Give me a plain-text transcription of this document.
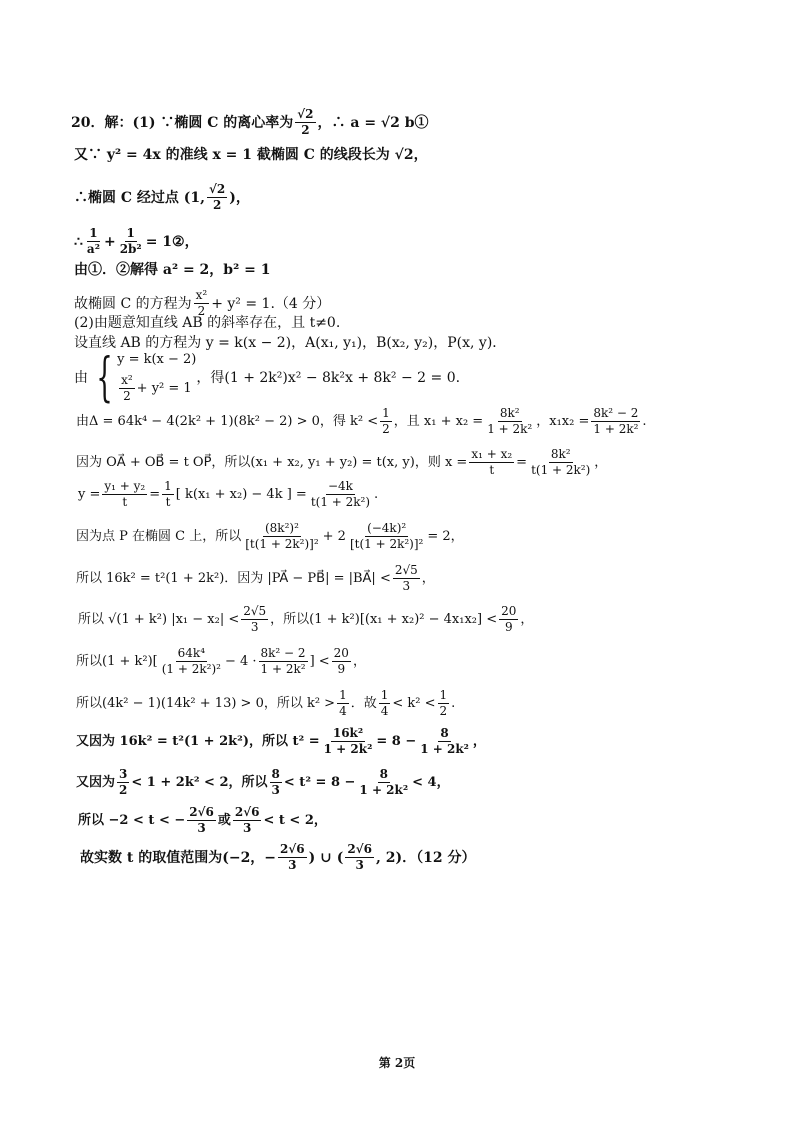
20．解：(1) ∵椭圆 C 的离心率为 $\frac{√2}{2}$ ，∴ a = √2 b①
又∵ y² = 4x 的准线 x = 1 截椭圆 C 的线段长为 √2，
∴椭圆 C 经过点 (1, $\frac{√2}{2}$ )，
∴ $\frac{1}{\text{a²}} + \frac{1}{\text{2b²}}$ = 1②，
由①．②解得 a² = 2，b² = 1
故椭圆 C 的方程为 $\frac{\text{x²}}{2} + y^2 = 1.(4$ 分）
(2)由题意知直线 AB 的斜率存在，且 t≠0.
设直线 AB 的方程为 y = k(x − 2)，A(x₁, y₁)，B(x₂, y₂)，P(x, y)．
由 { y = k(x − 2)
$\frac{\text{x²}}{2} + y^2 = 1$
，得(1 + 2k²)x² − 8k²x + 8k² − 2 = 0.
由Δ = 64k⁴ − 4(2k² + 1)(8k² − 2) > 0，得 $k^2 < \frac{1}{2}$ ，且 $x_1 + x_2 = \frac{\text{8k²}}{\text{1 + 2k²}}$ ，$x_1x_2 = \frac{\text{8k² − 2}}{\text{1 + 2k²}}$ .
因为 OA⃗ + OB⃗ = t OP⃗，所以(x₁ + x₂, y₁ + y₂) = t(x, y)，则 $x = \frac{\text{x₁ + x₂}}{t} = \frac{\text{8k²}}{\text{t(1 + 2k²)}}$ ，
$y = \frac{\text{y₁ + y₂}}{t} = \frac{1}{t}$ [ k(x₁ + x₂) − 4k ] = $\frac{-4k}{\text{t(1 + 2k²)}}$ .
因为点 P 在椭圆 C 上，所以 $\frac{\text{(8k²)²}}{\text{[t(1 + 2k²)]²}} + 2 \frac{\text{(−4k)²}}{\text{[t(1 + 2k²)]²}} = 2$，
所以 16k² = t²(1 + 2k²)．因为 |PA⃗ − PB⃗| = |BA⃗| < $\frac{2√5}{3}$ ，
所以 √(1 + k²) $|x_1 - x_2| < \frac{2√5}{3}$ ，所以$(1 + k^2)[(x_1 + x_2)^2 - 4x_1x_2] < \frac{20}{9}$ ，
所以$(1 + k^2)[ \frac{\text{64k⁴}}{\text{(1 + 2k²)²}} - 4 \cdot \frac{\text{8k² − 2}}{\text{1 + 2k²}}$ ] < $\frac{20}{9}$ ，
所以(4k² − 1)(14k² + 13) > 0，所以 $k^2 > \frac{1}{4}$ ．故 $\frac{1}{4} < k^2 < \frac{1}{2}$ .
又因为 16k² = t²(1 + 2k²)，所以 $t^2 = \frac{\text{16k²}}{\text{1 + 2k²}} = 8 - \frac{8}{\text{1 + 2k²}}$ ，
又因为 $\frac{3}{2} < 1 + 2k^2 < 2$，所以 $\frac{8}{3} < t^2 = 8 - \frac{8}{\text{1 + 2k²}} < 4$，
所以 −2 < t < − $\frac{2√6}{3}$ 或 $\frac{2√6}{3} < t < 2$，
故实数 t 的取值范围为(−2，− $\frac{2√6}{3}$ ) ∪ ( $\frac{2√6}{3}$ , 2)．（12 分）
第 2页
